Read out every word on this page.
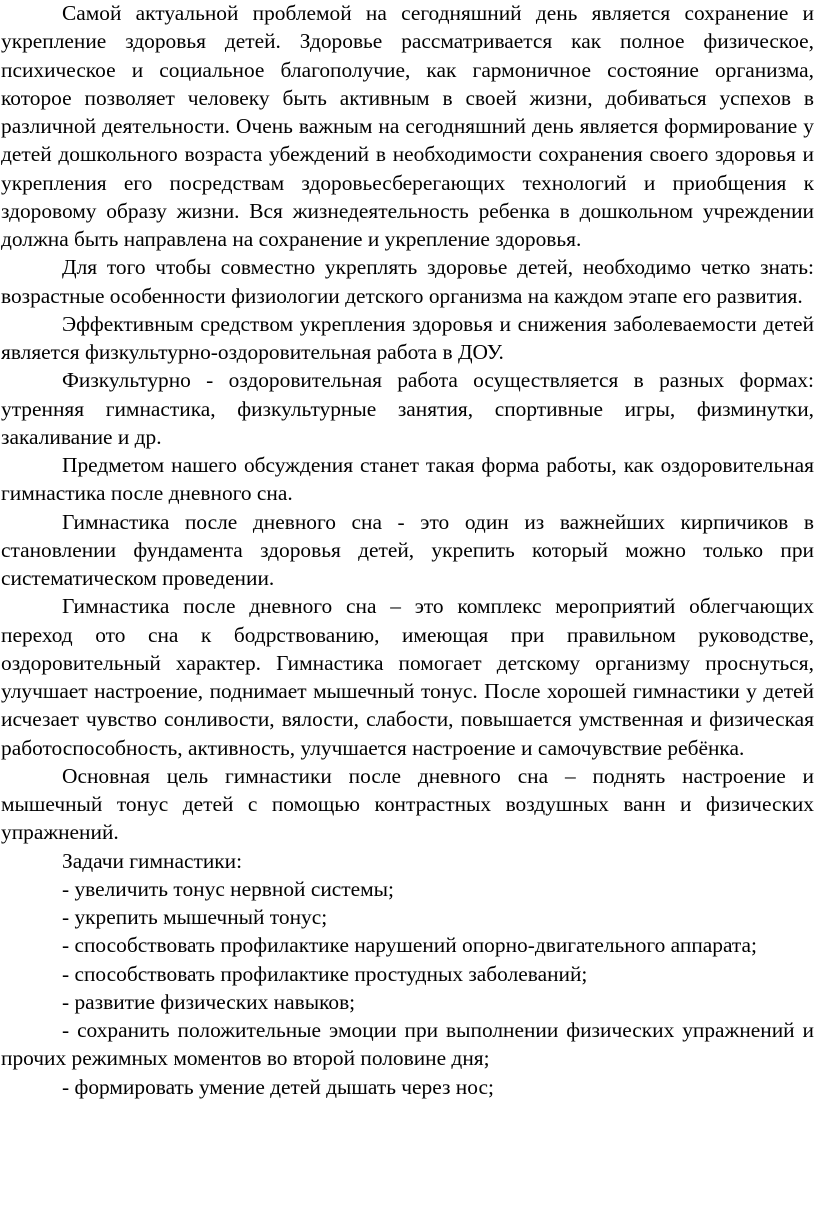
Самой актуальной проблемой на сегодняшний день является сохранение и укрепление здоровья детей. Здоровье рассматривается как полное физическое, психическое и социальное благополучие, как гармоничное состояние организма, которое позволяет человеку быть активным в своей жизни, добиваться успехов в различной деятельности. Очень важным на сегодняшний день является формирование у детей дошкольного возраста убеждений в необходимости сохранения своего здоровья и укрепления его посредствам здоровьесберегающих технологий и приобщения к здоровому образу жизни. Вся жизнедеятельность ребенка в дошкольном учреждении должна быть направлена на сохранение и укрепление здоровья.

Для того чтобы совместно укреплять здоровье детей, необходимо четко знать: возрастные особенности физиологии детского организма на каждом этапе его развития.

Эффективным средством укрепления здоровья и снижения заболеваемости детей является физкультурно-оздоровительная работа в ДОУ.

Физкультурно - оздоровительная работа осуществляется в разных формах: утренняя гимнастика, физкультурные занятия, спортивные игры, физминутки, закаливание и др.

Предметом нашего обсуждения станет такая форма работы, как оздоровительная гимнастика после дневного сна.

Гимнастика после дневного сна - это один из важнейших кирпичиков в становлении фундамента здоровья детей, укрепить который можно только при систематическом проведении.

Гимнастика после дневного сна – это комплекс мероприятий облегчающих переход ото сна к бодрствованию, имеющая при правильном руководстве, оздоровительный характер. Гимнастика помогает детскому организму проснуться, улучшает настроение, поднимает мышечный тонус. После хорошей гимнастики у детей исчезает чувство сонливости, вялости, слабости, повышается умственная и физическая работоспособность, активность, улучшается настроение и самочувствие ребёнка.

Основная цель гимнастики после дневного сна – поднять настроение и мышечный тонус детей с помощью контрастных воздушных ванн и физических упражнений.

Задачи гимнастики:

- увеличить тонус нервной системы;

- укрепить мышечный тонус;

- способствовать профилактике нарушений опорно-двигательного аппарата;

- способствовать профилактике простудных заболеваний;

- развитие физических навыков;

- сохранить положительные эмоции при выполнении физических упражнений и прочих режимных моментов во второй половине дня;

- формировать умение детей дышать через нос;
